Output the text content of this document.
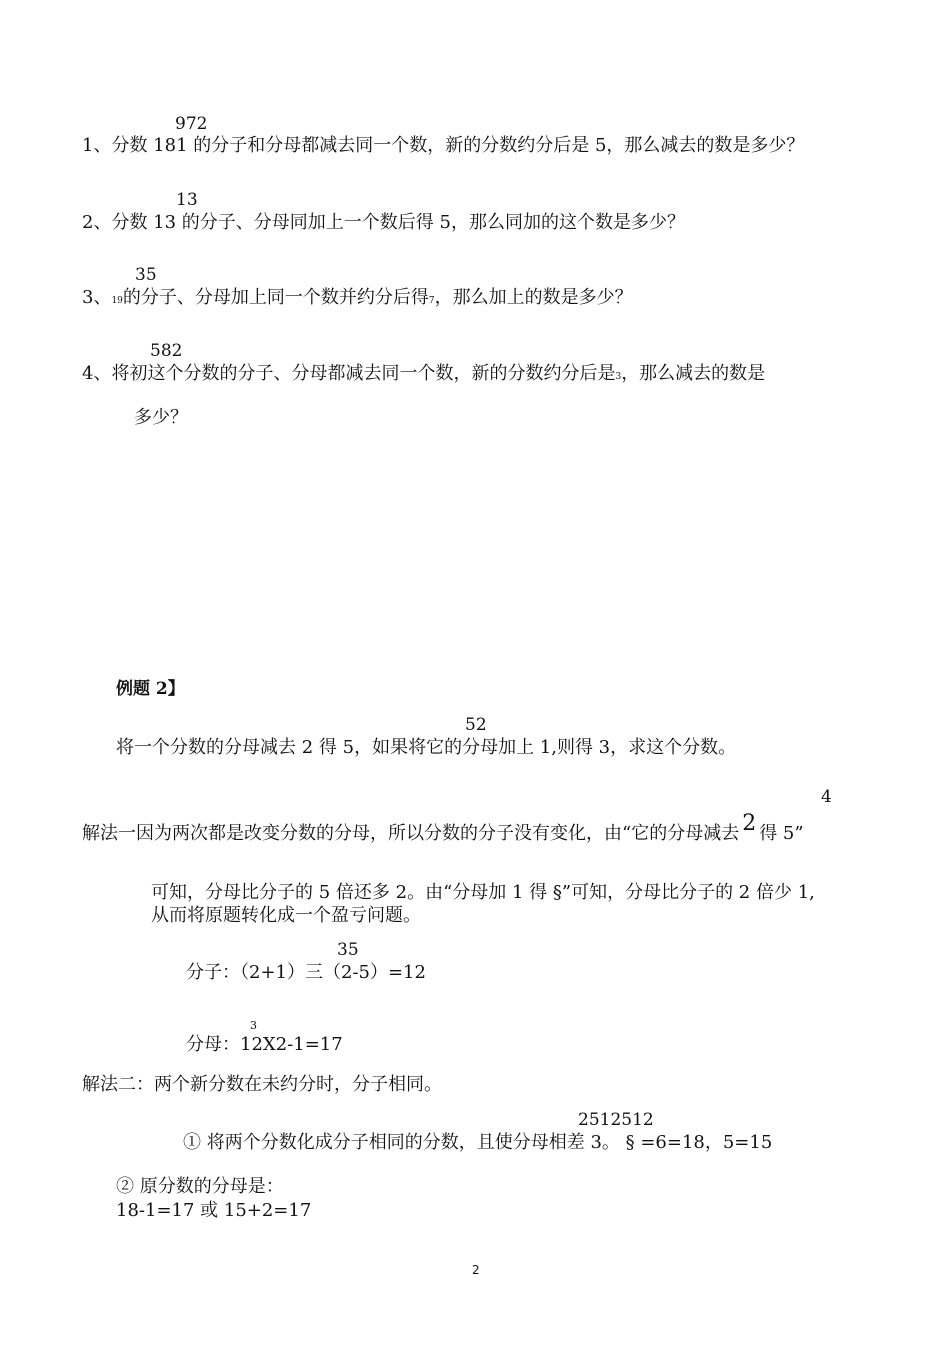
972
1、分数 181 的分子和分母都减去同一个数，新的分数约分后是 5，那么减去的数是多少？
13
2、分数 13 的分子、分母同加上一个数后得 5，那么同加的这个数是多少？
35
3、19的分子、分母加上同一个数并约分后得7，那么加上的数是多少？
582
4、将初这个分数的分子、分母都减去同一个数，新的分数约分后是3，那么减去的数是
多少？
例题 2】
52
将一个分数的分母减去 2 得 5，如果将它的分母加上 1,则得 3，求这个分数。
4
解法一因为两次都是改变分数的分母，所以分数的分子没有变化，由“它的分母减去 2 得 5”
可知，分母比分子的 5 倍还多 2。由“分母加 1 得 §”可知，分母比分子的 2 倍少 1,
从而将原题转化成一个盈亏问题。
35
分子：（2+1）三（2-5）=12
3
分母：12X2-1=17
解法二：两个新分数在未约分时，分子相同。
2512512
① 将两个分数化成分子相同的分数，且使分母相差 3。 § =6=18，5=15
② 原分数的分母是：
18-1=17 或 15+2=17
2
